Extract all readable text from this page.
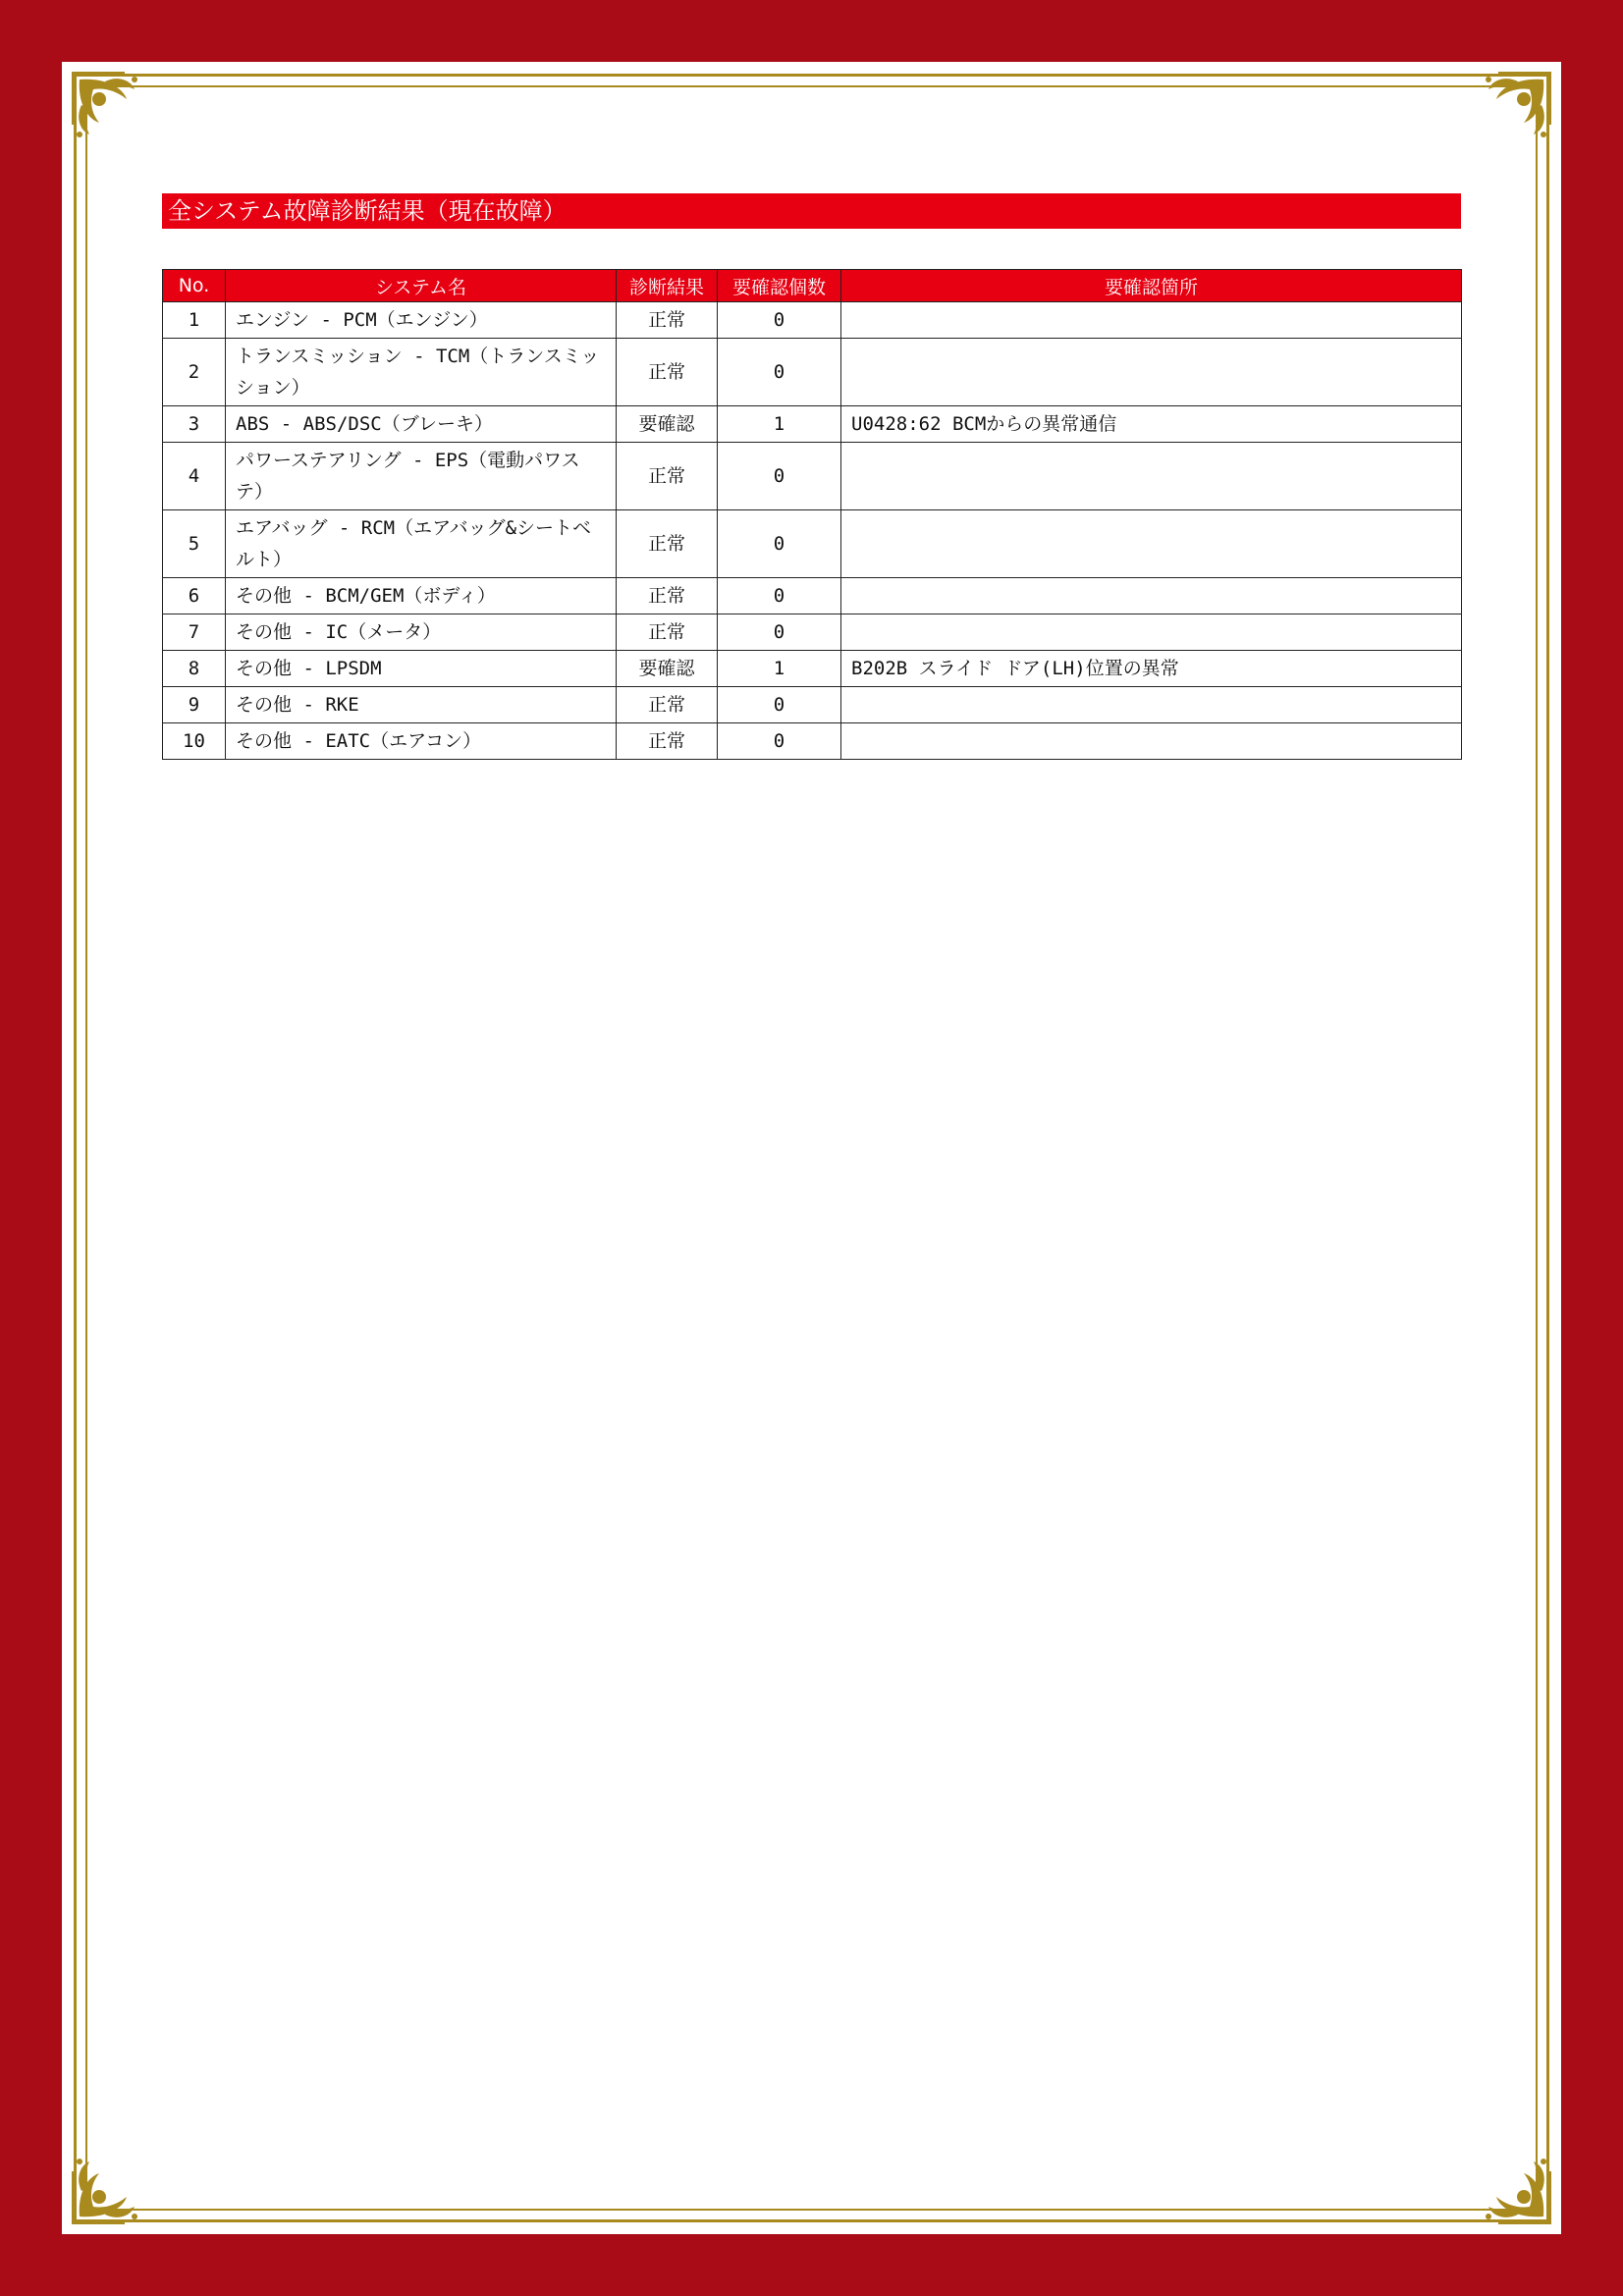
全システム故障診断結果（現在故障）
No.	システム名	診断結果	要確認個数	要確認箇所
1	エンジン - PCM（エンジン）	正常	0	
2	トランスミッション - TCM（トランスミッション）	正常	0	
3	ABS - ABS/DSC（ブレーキ）	要確認	1	U0428:62 BCMからの異常通信
4	パワーステアリング - EPS（電動パワステ）	正常	0	
5	エアバッグ - RCM（エアバッグ&シートベルト）	正常	0	
6	その他 - BCM/GEM（ボディ）	正常	0	
7	その他 - IC（メータ）	正常	0	
8	その他 - LPSDM	要確認	1	B202B スライド ドア(LH)位置の異常
9	その他 - RKE	正常	0	
10	その他 - EATC（エアコン）	正常	0	
